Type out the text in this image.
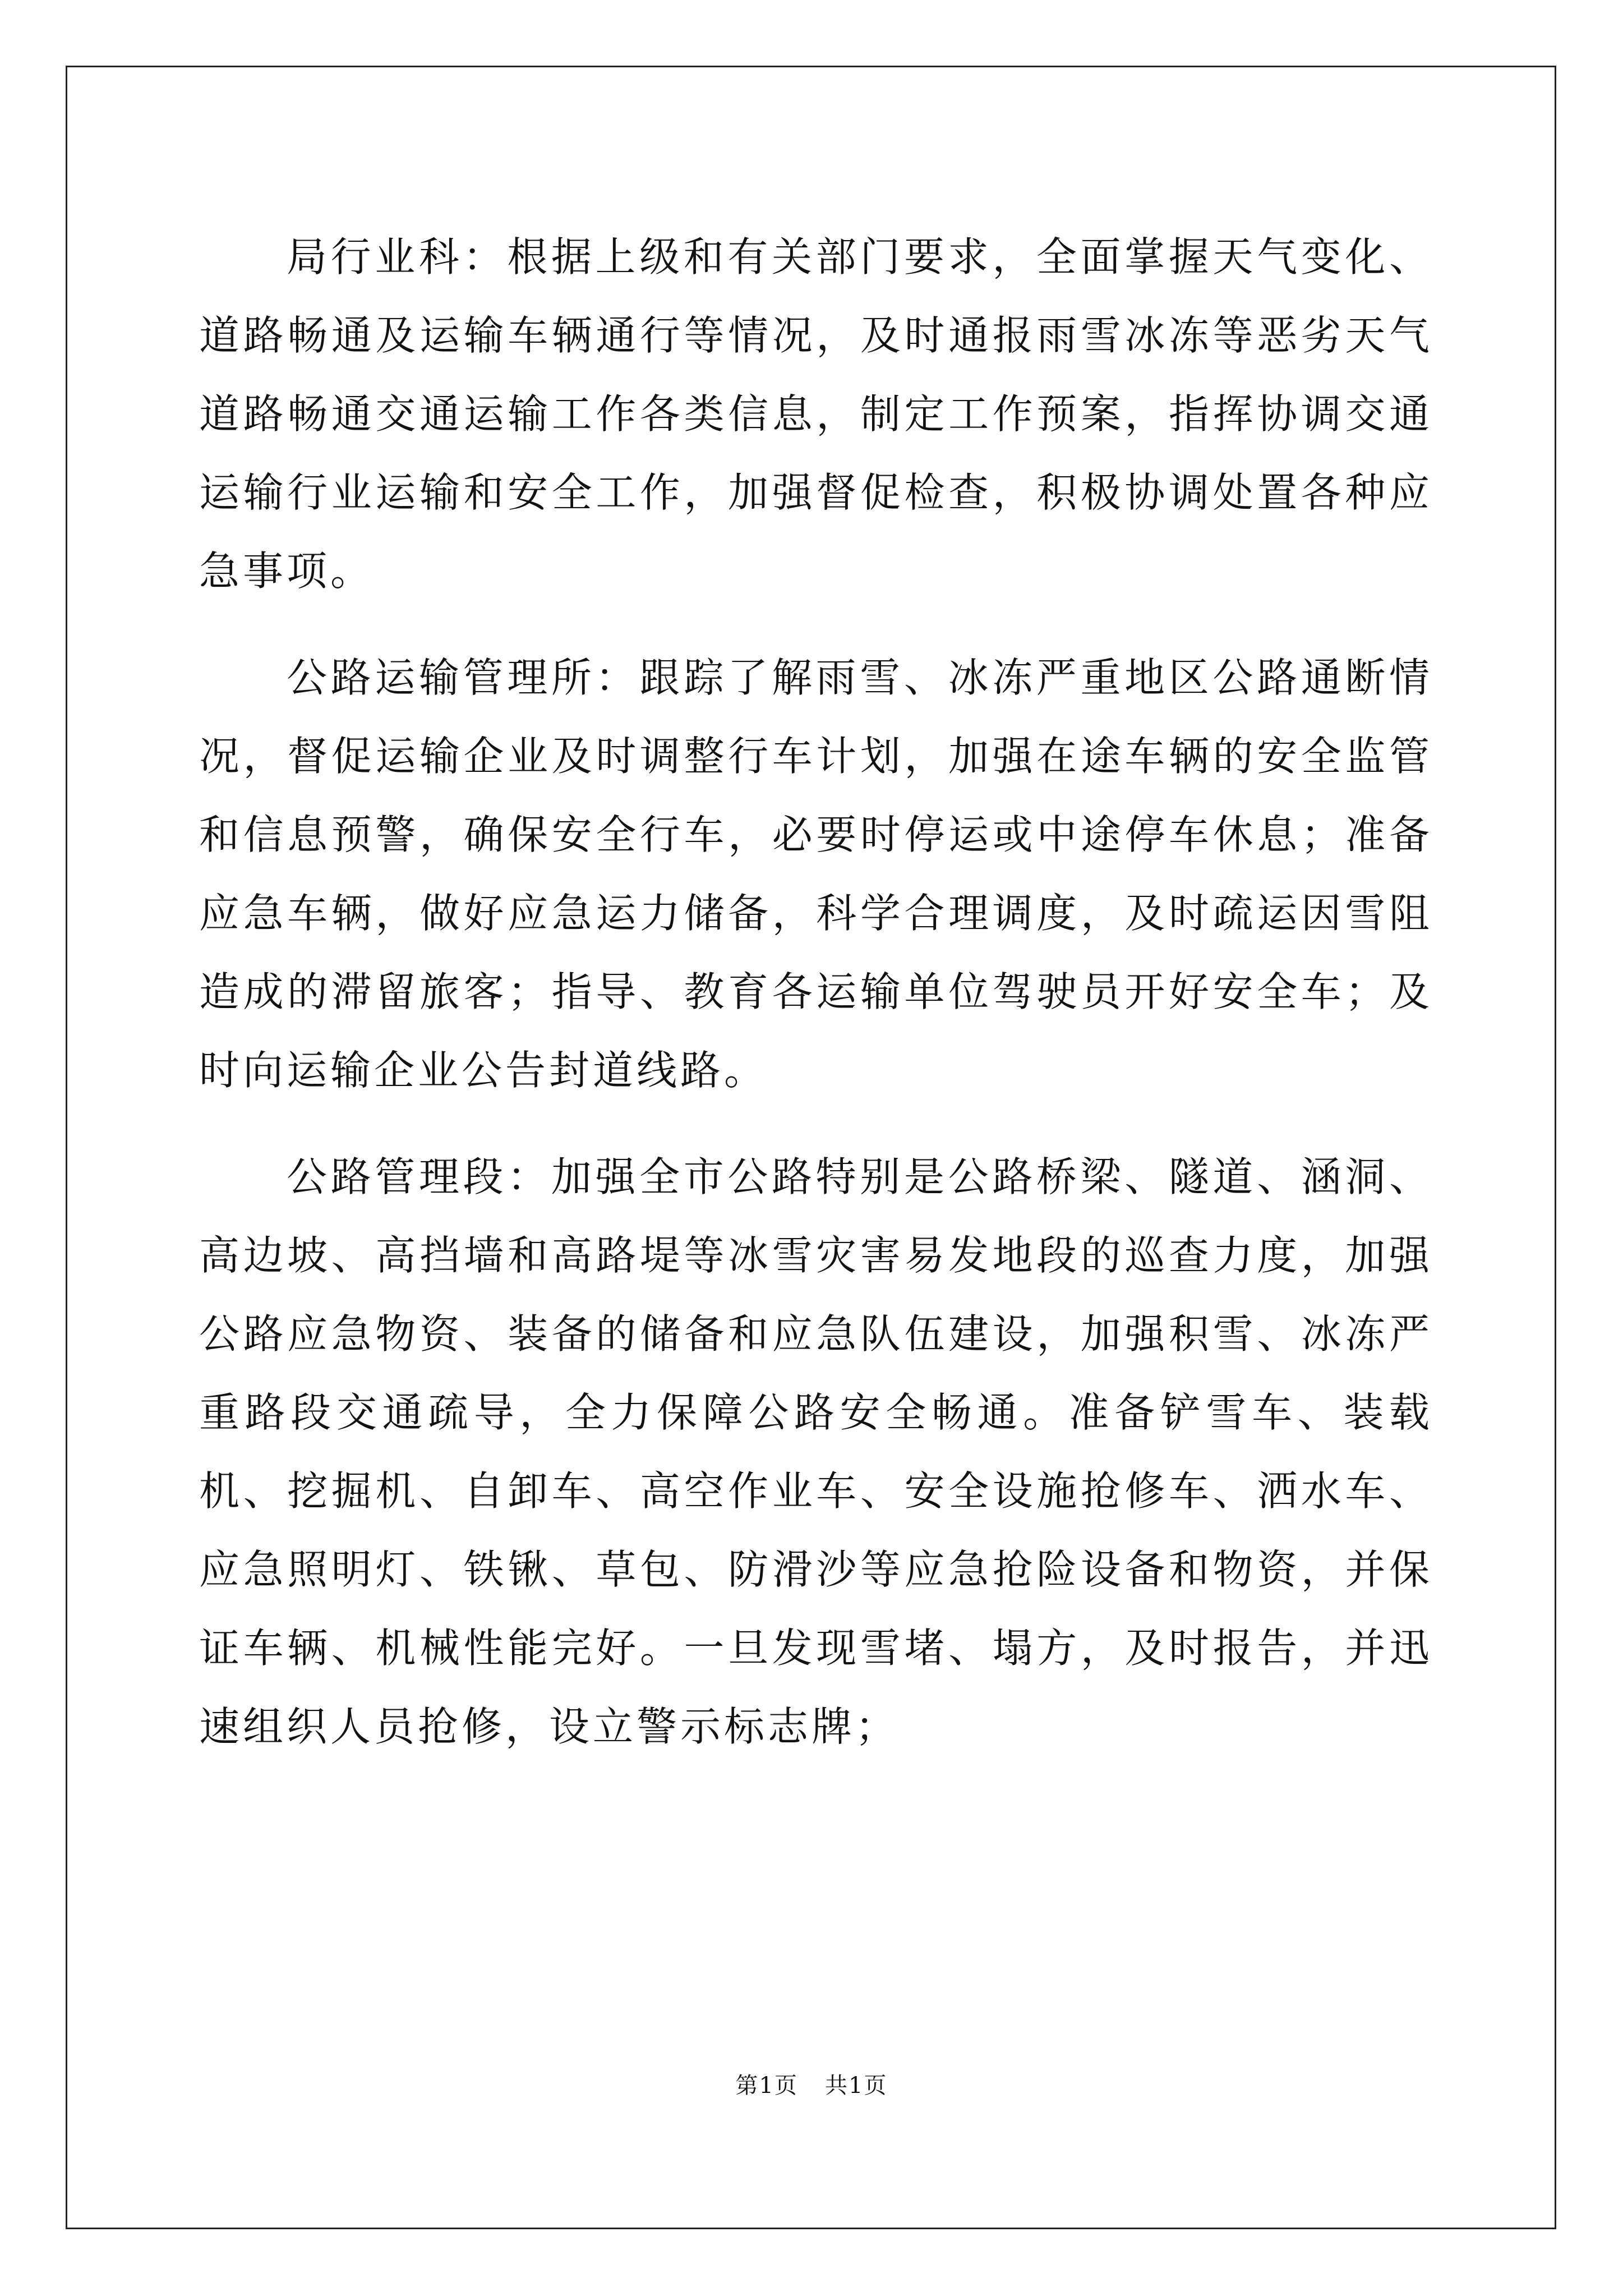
局行业科：根据上级和有关部门要求，全面掌握天气变化、道路畅通及运输车辆通行等情况，及时通报雨雪冰冻等恶劣天气道路畅通交通运输工作各类信息，制定工作预案，指挥协调交通运输行业运输和安全工作，加强督促检查，积极协调处置各种应急事项。

公路运输管理所：跟踪了解雨雪、冰冻严重地区公路通断情况，督促运输企业及时调整行车计划，加强在途车辆的安全监管和信息预警，确保安全行车，必要时停运或中途停车休息；准备应急车辆，做好应急运力储备，科学合理调度，及时疏运因雪阻造成的滞留旅客；指导、教育各运输单位驾驶员开好安全车；及时向运输企业公告封道线路。

公路管理段：加强全市公路特别是公路桥梁、隧道、涵洞、高边坡、高挡墙和高路堤等冰雪灾害易发地段的巡查力度，加强公路应急物资、装备的储备和应急队伍建设，加强积雪、冰冻严重路段交通疏导，全力保障公路安全畅通。准备铲雪车、装载机、挖掘机、自卸车、高空作业车、安全设施抢修车、洒水车、应急照明灯、铁锹、草包、防滑沙等应急抢险设备和物资，并保证车辆、机械性能完好。一旦发现雪堵、塌方，及时报告，并迅速组织人员抢修，设立警示标志牌；

第1页 共1页
